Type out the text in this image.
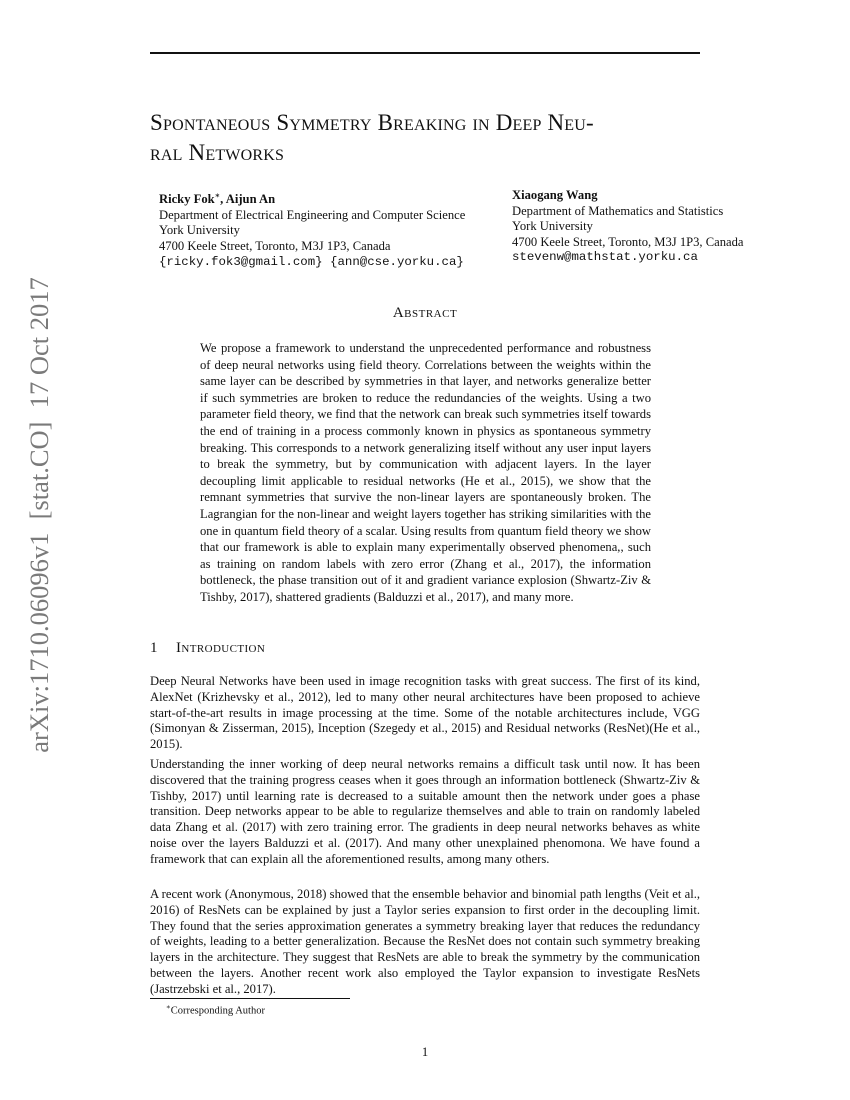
Spontaneous Symmetry Breaking in Deep Neu-
ral Networks
Ricky Fok∗, Aijun An
Department of Electrical Engineering and Computer Science
York University
4700 Keele Street, Toronto, M3J 1P3, Canada
{ricky.fok3@gmail.com} {ann@cse.yorku.ca}
Xiaogang Wang
Department of Mathematics and Statistics
York University
4700 Keele Street, Toronto, M3J 1P3, Canada
stevenw@mathstat.yorku.ca
arXiv:1710.06096v1  [stat.CO]  17 Oct 2017	Abstract
We propose a framework to understand the unprecedented performance and robustness of deep neural networks using field theory. Correlations between the weights within the same layer can be described by symmetries in that layer, and networks generalize better if such symmetries are broken to reduce the redundancies of the weights. Using a two parameter field theory, we find that the network can break such symmetries itself towards the end of training in a process commonly known in physics as spontaneous symmetry breaking. This corresponds to a network generalizing itself without any user input layers to break the symmetry, but by communication with adjacent layers. In the layer decoupling limit applicable to residual networks (He et al., 2015), we show that the remnant symmetries that survive the non-linear layers are spontaneously broken. The Lagrangian for the non-linear and weight layers together has striking similarities with the one in quantum field theory of a scalar. Using results from quantum field theory we show that our framework is able to explain many experimentally observed phenomena,, such as training on random labels with zero error (Zhang et al., 2017), the information bottleneck, the phase transition out of it and gradient variance explosion (Shwartz-Ziv & Tishby, 2017), shattered gradients (Balduzzi et al., 2017), and many more.
1 Introduction
Deep Neural Networks have been used in image recognition tasks with great success. The first of its kind, AlexNet (Krizhevsky et al., 2012), led to many other neural architectures have been proposed to achieve start-of-the-art results in image processing at the time. Some of the notable architectures include, VGG (Simonyan & Zisserman, 2015), Inception (Szegedy et al., 2015) and Residual networks (ResNet)(He et al., 2015).
Understanding the inner working of deep neural networks remains a difficult task until now. It has been discovered that the training progress ceases when it goes through an information bottleneck (Shwartz-Ziv & Tishby, 2017) until learning rate is decreased to a suitable amount then the network under goes a phase transition. Deep networks appear to be able to regularize themselves and able to train on randomly labeled data Zhang et al. (2017) with zero training error. The gradients in deep neural networks behaves as white noise over the layers Balduzzi et al. (2017). And many other unexplained phenomona. We have found a framework that can explain all the aforementioned results, among many others.
A recent work (Anonymous, 2018) showed that the ensemble behavior and binomial path lengths (Veit et al., 2016) of ResNets can be explained by just a Taylor series expansion to first order in the decoupling limit. They found that the series approximation generates a symmetry breaking layer that reduces the redundancy of weights, leading to a better generalization. Because the ResNet does not contain such symmetry breaking layers in the architecture. They suggest that ResNets are able to break the symmetry by the communication between the layers. Another recent work also employed the Taylor expansion to investigate ResNets (Jastrzebski et al., 2017).
∗Corresponding Author
1
